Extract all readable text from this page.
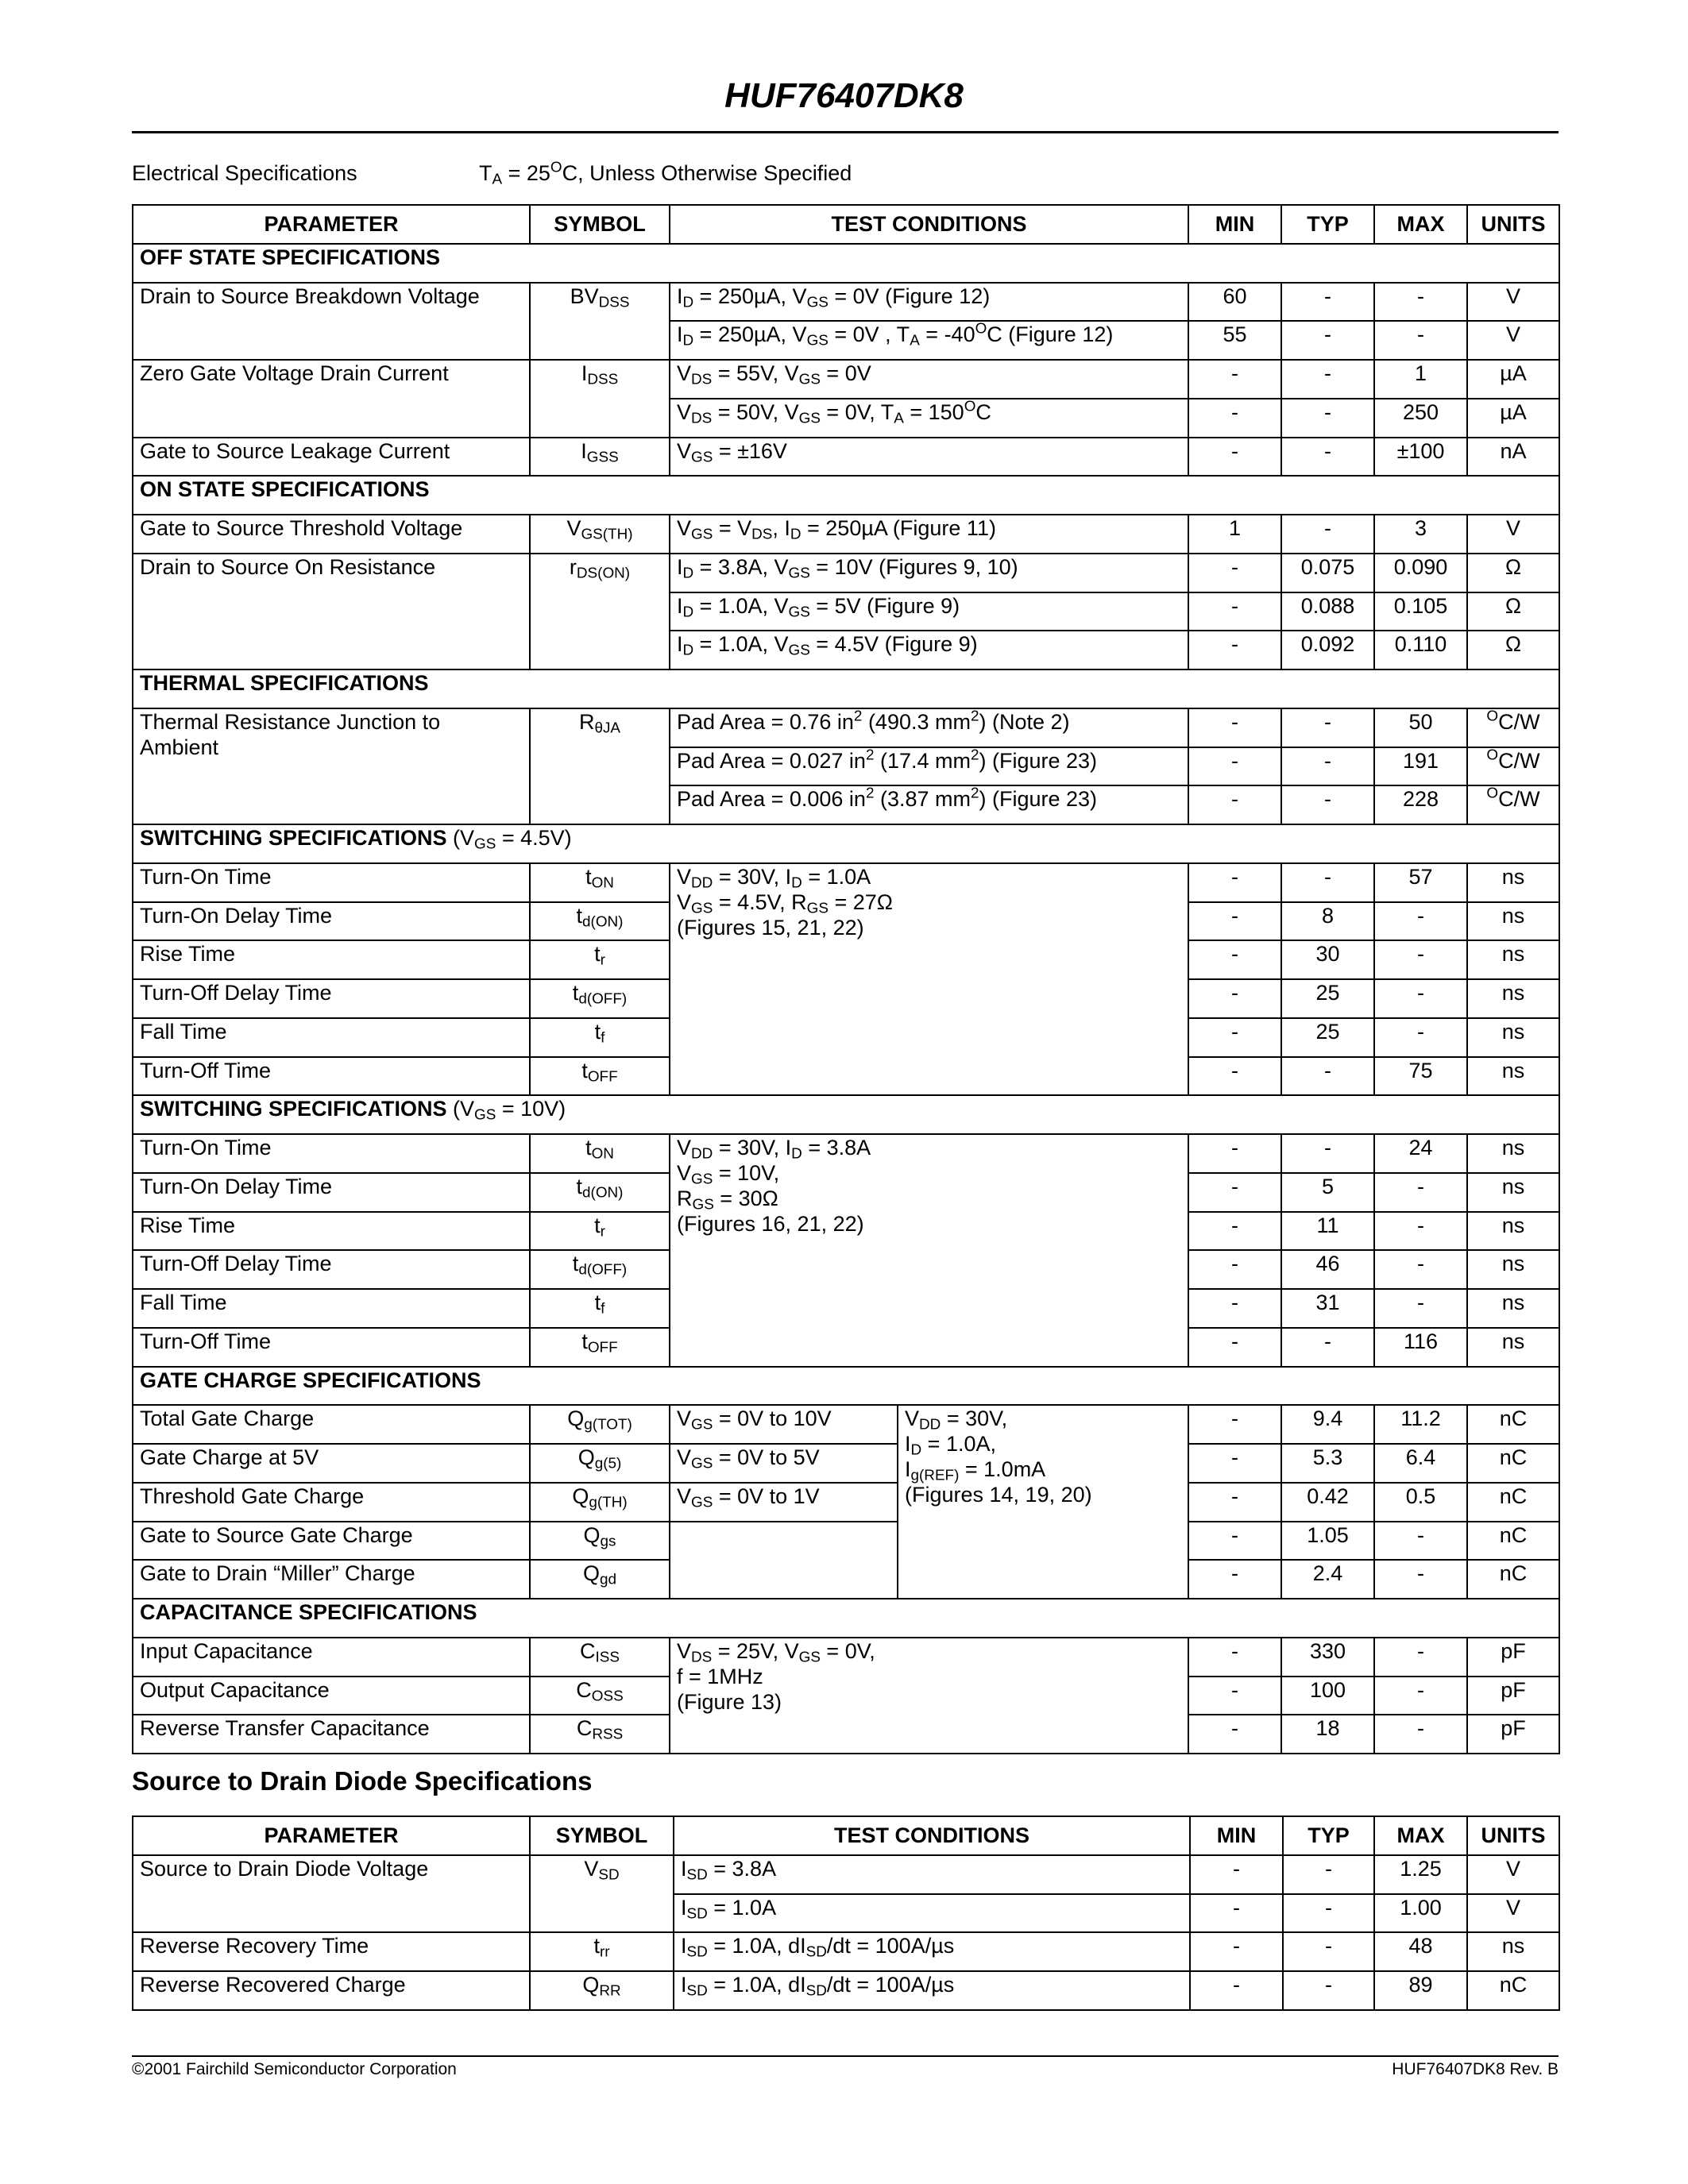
HUF76407DK8
Electrical Specifications	$T_A = 25^OC$, Unless Otherwise Specified
PARAMETER	SYMBOL	TEST CONDITIONS		MIN	TYP	MAX	UNITS
OFF STATE SPECIFICATIONS							
Drain to Source Breakdown Voltage	$BV_{DSS}$	$I_D = 250\mu A$, $V_{GS} = 0V$ (Figure 12)		60	-	-	V
		$I_D = 250\mu A$, $V_{GS} = 0V$ , $T_A = -40^OC$ (Figure 12)		55	-	-	V
Zero Gate Voltage Drain Current	$I_{DSS}$	$V_{DS} = 55V$, $V_{GS} = 0V$		-	-	1	µA
		$V_{DS} = 50V$, $V_{GS} = 0V$, $T_A = 150^OC$		-	-	250	µA
Gate to Source Leakage Current	$I_{GSS}$	$V_{GS} = \pm 16V$		-	-	±100	nA
ON STATE SPECIFICATIONS							
Gate to Source Threshold Voltage	$V_{GS(TH)}$	$V_{GS} = V_{DS}$, $I_D = 250\mu A$ (Figure 11)		1	-	3	V
Drain to Source On Resistance	$r_{DS(ON)}$	$I_D = 3.8A$, $V_{GS} = 10V$ (Figures 9, 10)		-	0.075	0.090	Ω
		$I_D = 1.0A$, $V_{GS} = 5V$ (Figure 9)		-	0.088	0.105	Ω
		$I_D = 1.0A$, $V_{GS} = 4.5V$ (Figure 9)		-	0.092	0.110	Ω
THERMAL SPECIFICATIONS							
Thermal Resistance Junction to Ambient	$R_{\theta JA}$	Pad Area = 0.76 $in^2$ (490.3 $mm^2$) (Note 2)		-	-	50	$^O$C/W
		Pad Area = 0.027 $in^2$ (17.4 $mm^2$) (Figure 23)		-	-	191	$^O$C/W
		Pad Area = 0.006 $in^2$ (3.87 $mm^2$) (Figure 23)		-	-	228	$^O$C/W
SWITCHING SPECIFICATIONS $(V_{GS} = 4.5V)$							
Turn-On Time	$t_{ON}$	$V_{DD} = 30V$, $I_D = 1.0A$
$V_{GS} = 4.5V$, $R_{GS} = 27\Omega$
(Figures 15, 21, 22)		-	-	57	ns
Turn-On Delay Time	$t_{d(ON)}$			-	8	-	ns
Rise Time	$t_r$			-	30	-	ns
Turn-Off Delay Time	$t_{d(OFF)}$			-	25	-	ns
Fall Time	$t_f$			-	25	-	ns
Turn-Off Time	$t_{OFF}$			-	-	75	ns
SWITCHING SPECIFICATIONS $(V_{GS} = 10V)$							
Turn-On Time	$t_{ON}$	$V_{DD} = 30V$, $I_D = 3.8A$
$V_{GS} = 10V$,
$R_{GS} = 30\Omega$
(Figures 16, 21, 22)		-	-	24	ns
Turn-On Delay Time	$t_{d(ON)}$			-	5	-	ns
Rise Time	$t_r$			-	11	-	ns
Turn-Off Delay Time	$t_{d(OFF)}$			-	46	-	ns
Fall Time	$t_f$			-	31	-	ns
Turn-Off Time	$t_{OFF}$			-	-	116	ns
GATE CHARGE SPECIFICATIONS							
Total Gate Charge	$Q_{g(TOT)}$	$V_{GS} = 0V$ to 10V	$V_{DD} = 30V$,
$I_D = 1.0A$,
$I_{g(REF)} = 1.0mA$
(Figures 14, 19, 20)	-	9.4	11.2	nC
Gate Charge at 5V	$Q_{g(5)}$	$V_{GS} = 0V$ to 5V		-	5.3	6.4	nC
Threshold Gate Charge	$Q_{g(TH)}$	$V_{GS} = 0V$ to 1V		-	0.42	0.5	nC
Gate to Source Gate Charge	$Q_{gs}$			-	1.05	-	nC
Gate to Drain “Miller” Charge	$Q_{gd}$			-	2.4	-	nC
CAPACITANCE SPECIFICATIONS							
Input Capacitance	$C_{ISS}$	$V_{DS} = 25V$, $V_{GS} = 0V$,
f = 1MHz
(Figure 13)		-	330	-	pF
Output Capacitance	$C_{OSS}$			-	100	-	pF
Reverse Transfer Capacitance	$C_{RSS}$			-	18	-	pF
Source to Drain Diode Specifications
PARAMETER	SYMBOL	TEST CONDITIONS	MIN	TYP	MAX	UNITS
Source to Drain Diode Voltage	$V_{SD}$	$I_{SD} = 3.8A$	-	-	1.25	V
		$I_{SD} = 1.0A$	-	-	1.00	V
Reverse Recovery Time	$t_{rr}$	$I_{SD} = 1.0A$, $dI_{SD}/dt = 100A/\mu s$	-	-	48	ns
Reverse Recovered Charge	$Q_{RR}$	$I_{SD} = 1.0A$, $dI_{SD}/dt = 100A/\mu s$	-	-	89	nC
©2001 Fairchild Semiconductor Corporation	HUF76407DK8 Rev. B
